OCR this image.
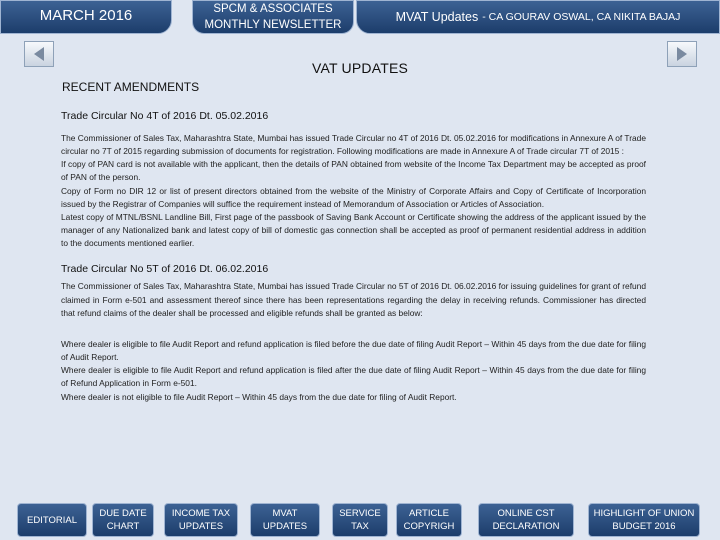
MARCH 2016	SPCM & ASSOCIATES
MONTHLY NEWSLETTER
MVAT Updates - CA GOURAV OSWAL, CA NIKITA BAJAJ
VAT UPDATES
RECENT AMENDMENTS
Trade Circular No 4T of 2016 Dt. 05.02.2016

The Commissioner of Sales Tax, Maharashtra State, Mumbai has issued Trade Circular no 4T of 2016 Dt. 05.02.2016 for modifications in Annexure A of Trade circular no 7T of 2015 regarding submission of documents for registration. Following modifications are made in Annexure A of Trade circular 7T of 2015 :

If copy of PAN card is not available with the applicant, then the details of PAN obtained from website of the Income Tax Department may be accepted as proof of PAN of the person.

Copy of Form no DIR 12 or list of present directors obtained from the website of the Ministry of Corporate Affairs and Copy of Certificate of Incorporation issued by the Registrar of Companies will suffice the requirement instead of Memorandum of Association or Articles of Association.

Latest copy of MTNL/BSNL Landline Bill, First page of the passbook of Saving Bank Account or Certificate showing the address of the applicant issued by the manager of any Nationalized bank and latest copy of bill of domestic gas connection shall be accepted as proof of permanent residential address in addition to the documents mentioned earlier.

Trade Circular No 5T of 2016 Dt. 06.02.2016

The Commissioner of Sales Tax, Maharashtra State, Mumbai has issued Trade Circular no 5T of 2016 Dt. 06.02.2016 for issuing guidelines for grant of refund claimed in Form e-501 and assessment thereof since there has been representations regarding the delay in receiving refunds. Commissioner has directed that refund claims of the dealer shall be processed and eligible refunds shall be granted as below:

Where dealer is eligible to file Audit Report and refund application is filed before the due date of filing Audit Report – Within 45 days from the due date for filing of Audit Report.

Where dealer is eligible to file Audit Report and refund application is filed after the due date of filing Audit Report – Within 45 days from the due date for filing of Refund Application in Form e-501.

Where dealer is not eligible to file Audit Report – Within 45 days from the due date for filing of Audit Report.

EDITORIAL
DUE DATE
CHART
INCOME TAX
UPDATES
MVAT
UPDATES
SERVICE
TAX
ARTICLE
COPYRIGH
ONLINE CST
DECLARATION
HIGHLIGHT OF UNION
BUDGET 2016
